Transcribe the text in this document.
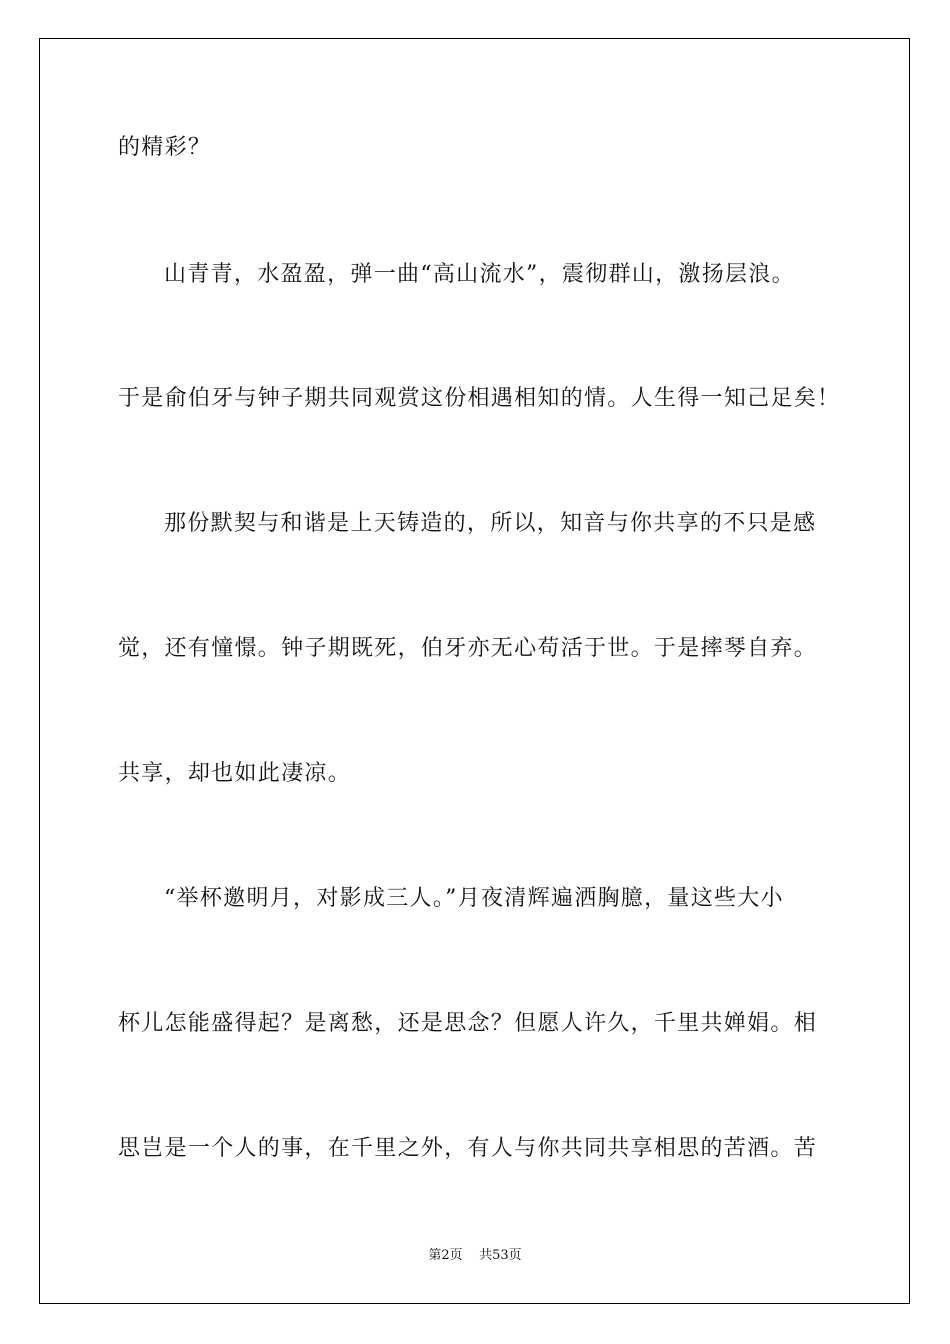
的精彩？
山青青，水盈盈，弹一曲“高山流水”，震彻群山，激扬层浪。
于是俞伯牙与钟子期共同观赏这份相遇相知的情。人生得一知己足矣！
那份默契与和谐是上天铸造的，所以，知音与你共享的不只是感
觉，还有憧憬。钟子期既死，伯牙亦无心苟活于世。于是摔琴自弃。
共享，却也如此凄凉。
“举杯邀明月，对影成三人。”月夜清辉遍洒胸臆，量这些大小
杯儿怎能盛得起？是离愁，还是思念？但愿人许久，千里共婵娟。相
思岂是一个人的事，在千里之外，有人与你共同共享相思的苦酒。苦
第2页    共53页
